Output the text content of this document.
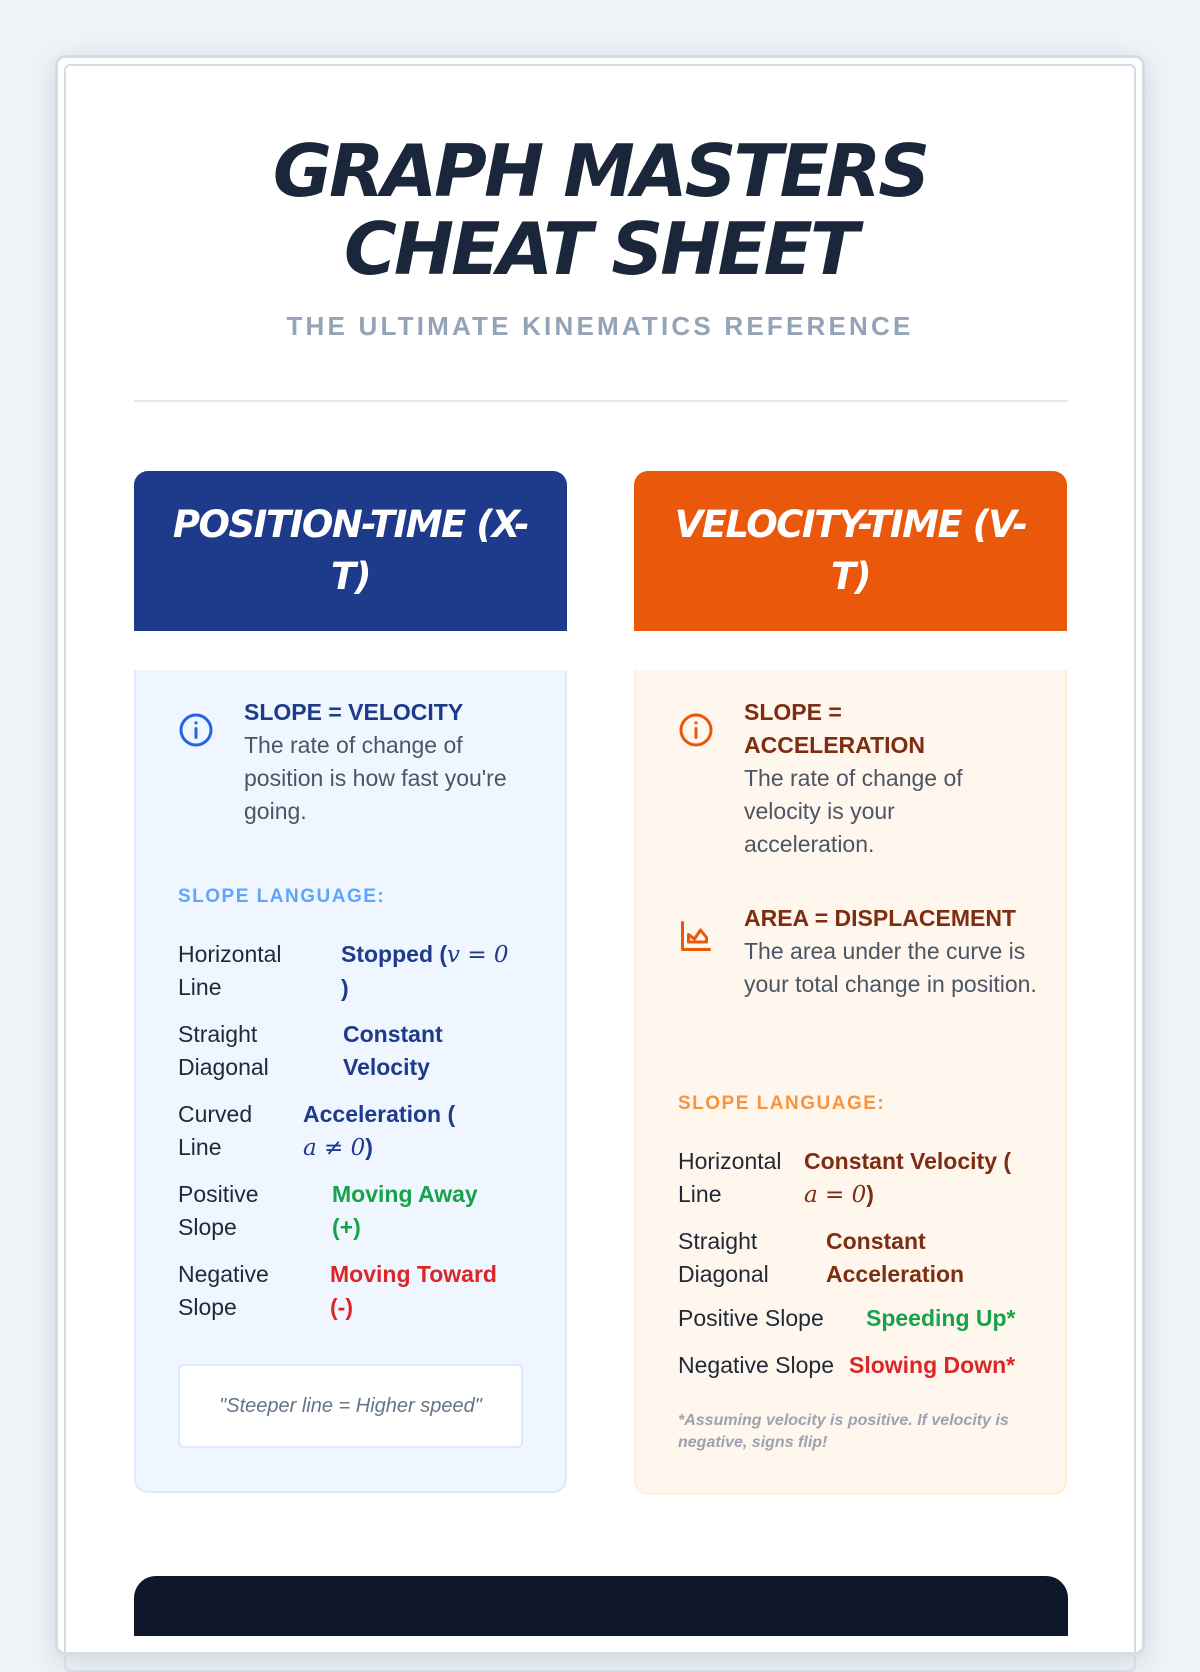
GRAPH MASTERS
CHEAT SHEET
THE ULTIMATE KINEMATICS REFERENCE
POSITION-TIME (X-T)
SLOPE = VELOCITY
The rate of change of position is how fast you're going.
SLOPE LANGUAGE:
Horizontal Line
Stopped (v = 0
)
Straight Diagonal
Constant Velocity
Curved Line
Acceleration (
a ≠ 0)
Positive Slope
Moving Away (+)
Negative Slope
Moving Toward (-)
"Steeper line = Higher speed"
VELOCITY-TIME (V-T)
SLOPE = ACCELERATION
The rate of change of velocity is your acceleration.
AREA = DISPLACEMENT
The area under the curve is your total change in position.
SLOPE LANGUAGE:
Horizontal Line
Constant Velocity (
a = 0)
Straight Diagonal
Constant Acceleration
Positive Slope Speeding Up*
Negative Slope Slowing Down*
*Assuming velocity is positive. If velocity is negative, signs flip!
